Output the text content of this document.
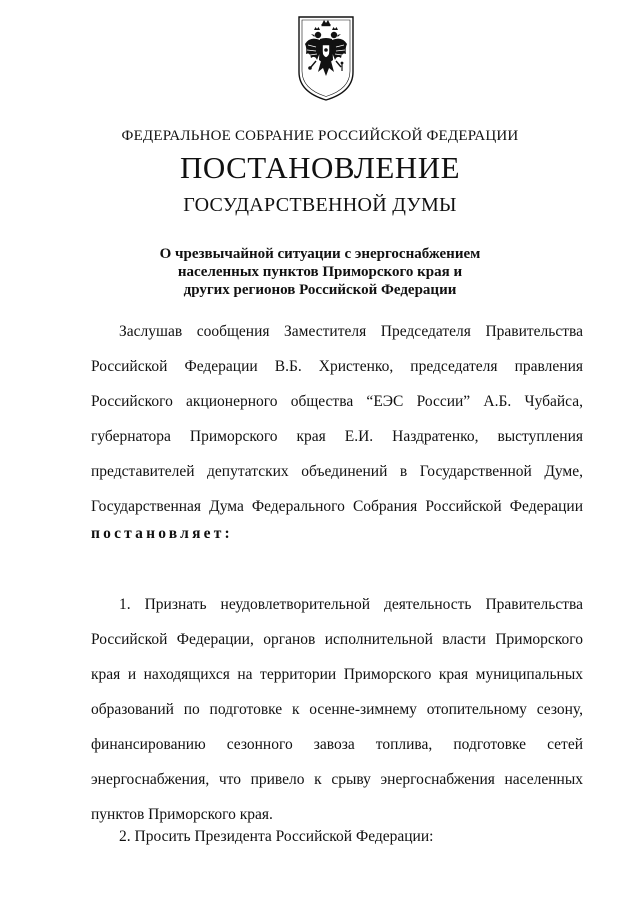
ФЕДЕРАЛЬНОЕ СОБРАНИЕ РОССИЙСКОЙ ФЕДЕРАЦИИ
ПОСТАНОВЛЕНИЕ
ГОСУДАРСТВЕННОЙ ДУМЫ
О чрезвычайной ситуации с энергоснабжением
населенных пунктов Приморского края и
других регионов Российской Федерации
Заслушав сообщения Заместителя Председателя Правительства
Российской Федерации В.Б. Христенко, председателя правления
Российского акционерного общества “ЕЭС России” А.Б. Чубайса,
губернатора Приморского края Е.И. Наздратенко, выступления
представителей депутатских объединений в Государственной Думе,
Государственная Дума Федерального Собрания Российской Федерации
постановляет:
1. Признать неудовлетворительной деятельность Правительства
Российской Федерации, органов исполнительной власти Приморского
края и находящихся на территории Приморского края муниципальных
образований по подготовке к осенне-зимнему отопительному сезону,
финансированию сезонного завоза топлива, подготовке сетей
энергоснабжения, что привело к срыву энергоснабжения населенных
пунктов Приморского края.
2. Просить Президента Российской Федерации:
